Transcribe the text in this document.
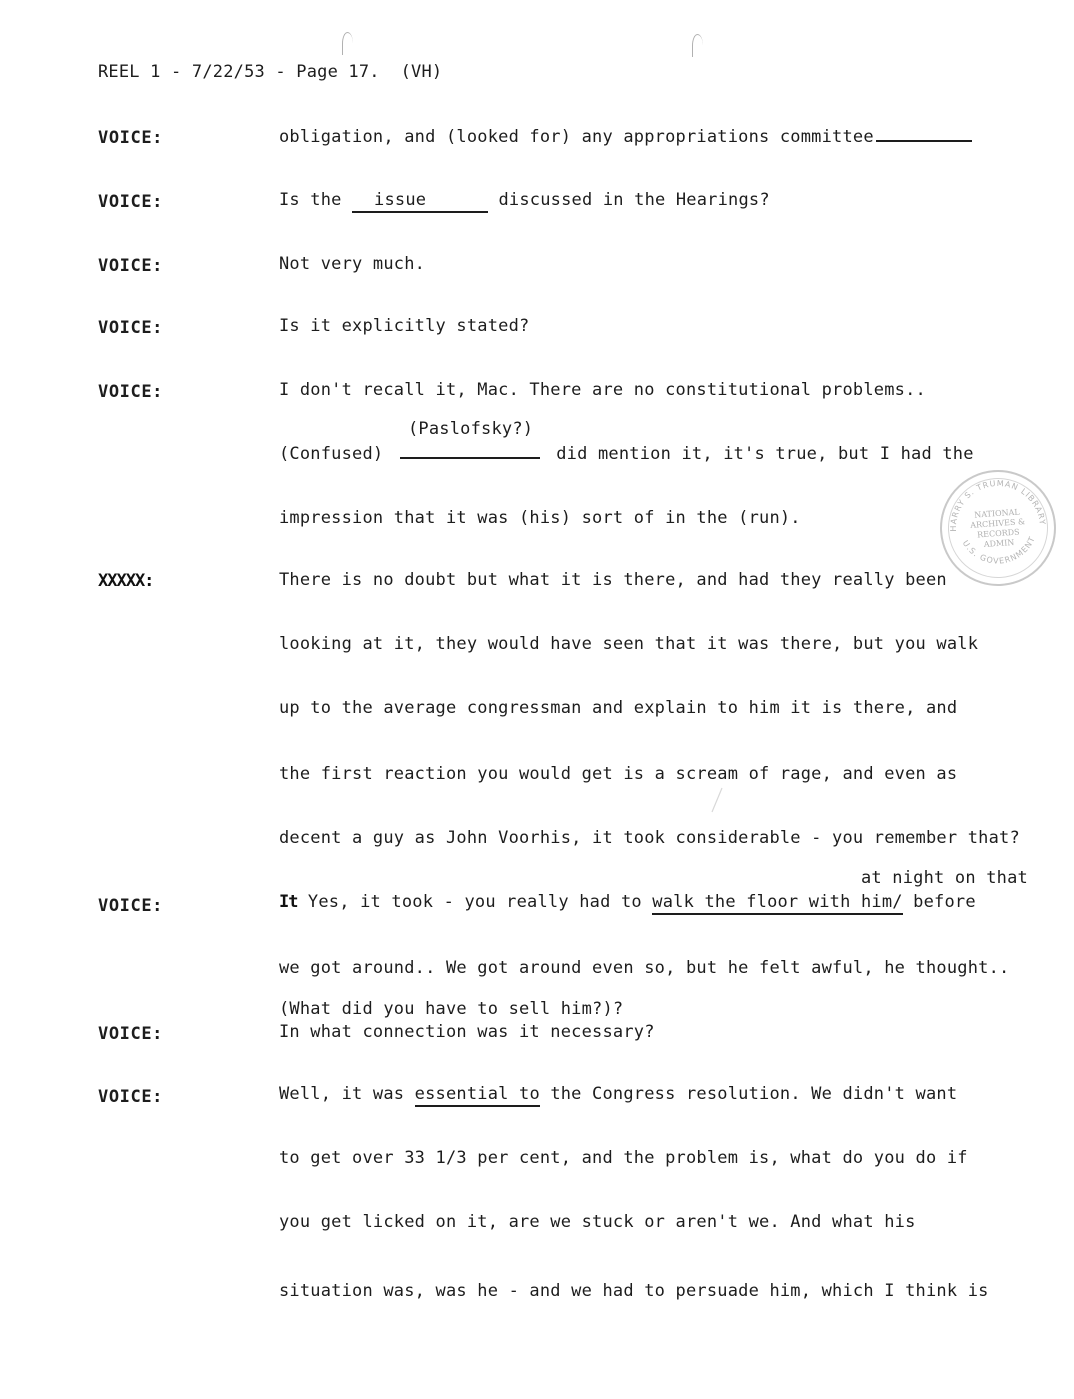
REEL 1 - 7/22/53 - Page 17. (VH)
VOICE:	obligation, and (looked for) any appropriations committee
VOICE:	Is the issue	discussed in the Hearings?
VOICE:	Not very much.
VOICE:	Is it explicitly stated?
VOICE:	I don't recall it, Mac. There are no constitutional problems..
(Paslofsky?)
(Confused)	did mention it, it's true, but I had the
impression that it was (his) sort of in the (run).
XXXXX:	There is no doubt but what it is there, and had they really been
looking at it, they would have seen that it was there, but you walk
up to the average congressman and explain to him it is there, and
the first reaction you would get is a scream of rage, and even as
decent a guy as John Voorhis, it took considerable - you remember that?
at night on that
VOICE:	It Yes, it took - you really had to walk the floor with him/ before
we got around.. We got around even so, but he felt awful, he thought..
(What did you have to sell him?)?
VOICE:	In what connection was it necessary?
VOICE:	Well, it was essential to the Congress resolution. We didn't want
to get over 33 1/3 per cent, and the problem is, what do you do if
you get licked on it, are we stuck or aren't we. And what his
situation was, was he - and we had to persuade him, which I think is
HARRY S. TRUMAN LIBRARY
U.S. GOVERNMENT
NATIONAL
ARCHIVES &
RECORDS
ADMIN
